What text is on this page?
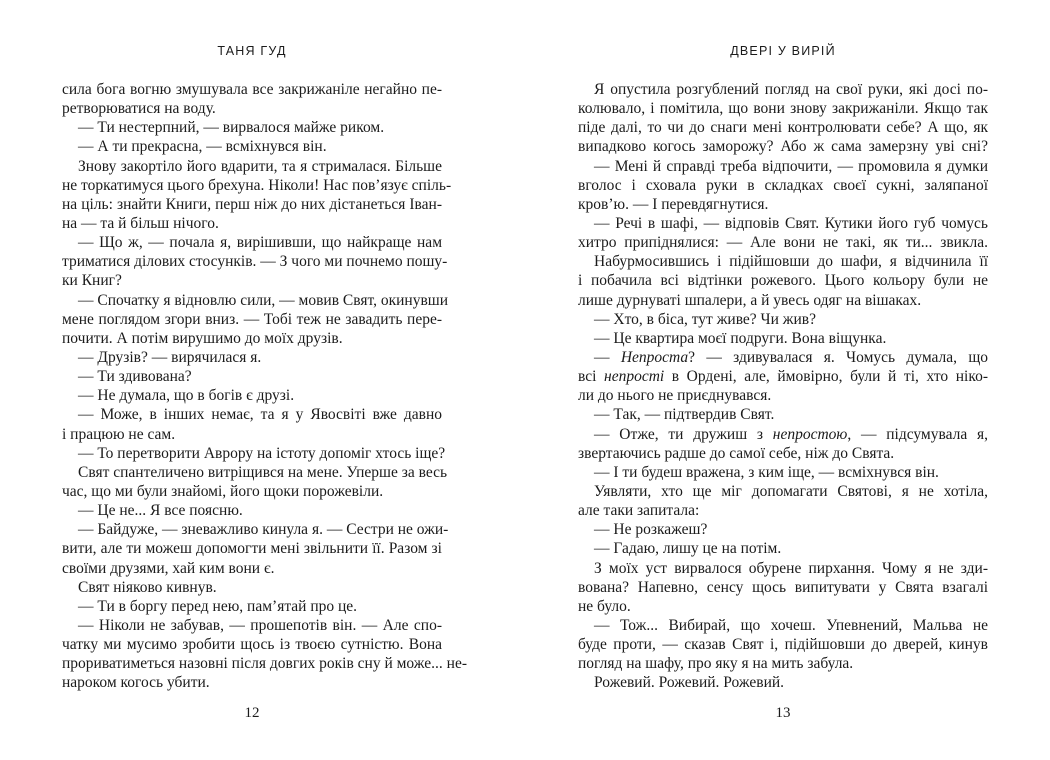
ТАНЯ ГУД
сила бога вогню змушувала все закрижаніле негайно пе-
ретворюватися на воду.
— Ти нестерпний, — вирвалося майже риком.
— А ти прекрасна, — всміхнувся він.
Знову закортіло його вдарити, та я стрималася. Більше
не торкатимуся цього брехуна. Ніколи! Нас пов’язує спіль-
на ціль: знайти Книги, перш ніж до них дістанеться Іван-
на — та й більш нічого.
— Що ж, — почала я, вирішивши, що найкраще нам
триматися ділових стосунків. — З чого ми почнемо пошу-
ки Книг?
— Спочатку я відновлю сили, — мовив Свят, окинувши
мене поглядом згори вниз. — Тобі теж не завадить пере-
почити. А потім вирушимо до моїх друзів.
— Друзів? — вирячилася я.
— Ти здивована?
— Не думала, що в богів є друзі.
— Може, в інших немає, та я у Явосвіті вже давно
і працюю не сам.
— То перетворити Аврору на істоту допоміг хтось іще?
Свят спантеличено витріщився на мене. Уперше за весь
час, що ми були знайомі, його щоки порожевіли.
— Це не... Я все поясню.
— Байдуже, — зневажливо кинула я. — Сестри не ожи-
вити, але ти можеш допомогти мені звільнити її. Разом зі
своїми друзями, хай ким вони є.
Свят ніяково кивнув.
— Ти в боргу перед нею, пам’ятай про це.
— Ніколи не забував, — прошепотів він. — Але спо-
чатку ми мусимо зробити щось із твоєю сутністю. Вона
прориватиметься назовні після довгих років сну й може... не-
нароком когось убити.
12
ДВЕРІ У ВИРІЙ
Я опустила розгублений погляд на свої руки, які досі по-
колювало, і помітила, що вони знову закрижаніли. Якщо так
піде далі, то чи до снаги мені контролювати себе? А що, як
випадково когось заморожу? Або ж сама замерзну уві сні?
— Мені й справді треба відпочити, — промовила я думки
вголос і сховала руки в складках своєї сукні, заляпаної
кров’ю. — І перевдягнутися.
— Речі в шафі, — відповів Свят. Кутики його губ чомусь
хитро припіднялися: — Але вони не такі, як ти... звикла.
Набурмосившись і підійшовши до шафи, я відчинила її
і побачила всі відтінки рожевого. Цього кольору були не
лише дурнуваті шпалери, а й увесь одяг на вішаках.
— Хто, в біса, тут живе? Чи жив?
— Це квартира моєї подруги. Вона віщунка.
— Непроста? — здивувалася я. Чомусь думала, що
всі непрості в Ордені, але, ймовірно, були й ті, хто ніко-
ли до нього не приєднувався.
— Так, — підтвердив Свят.
— Отже, ти дружиш з непростою, — підсумувала я,
звертаючись радше до самої себе, ніж до Свята.
— І ти будеш вражена, з ким іще, — всміхнувся він.
Уявляти, хто ще міг допомагати Святові, я не хотіла,
але таки запитала:
— Не розкажеш?
— Гадаю, лишу це на потім.
З моїх уст вирвалося обурене пирхання. Чому я не зди-
вована? Напевно, сенсу щось випитувати у Свята взагалі
не було.
— Тож... Вибирай, що хочеш. Упевнений, Мальва не
буде проти, — сказав Свят і, підійшовши до дверей, кинув
погляд на шафу, про яку я на мить забула.
Рожевий. Рожевий. Рожевий.
13
